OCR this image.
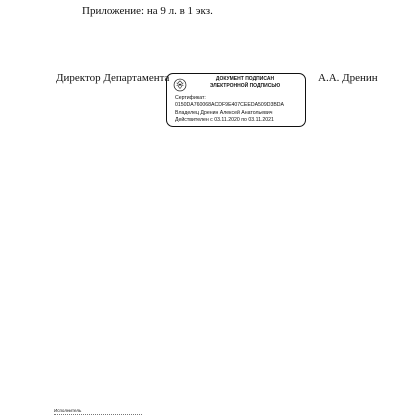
Приложение: на 9 л. в 1 экз.
Директор Департамента	ДОКУМЕНТ ПОДПИСАН
ЭЛЕКТРОННОЙ ПОДПИСЬЮ
Сертификат:
0150DA760068ACDF9E407CEEDA509D3BDA
Владелец Дренин Алексей Анатольевич
Действителен с 03.11.2020 по 03.11.2021
А.А. Дренин
Исполнитель
